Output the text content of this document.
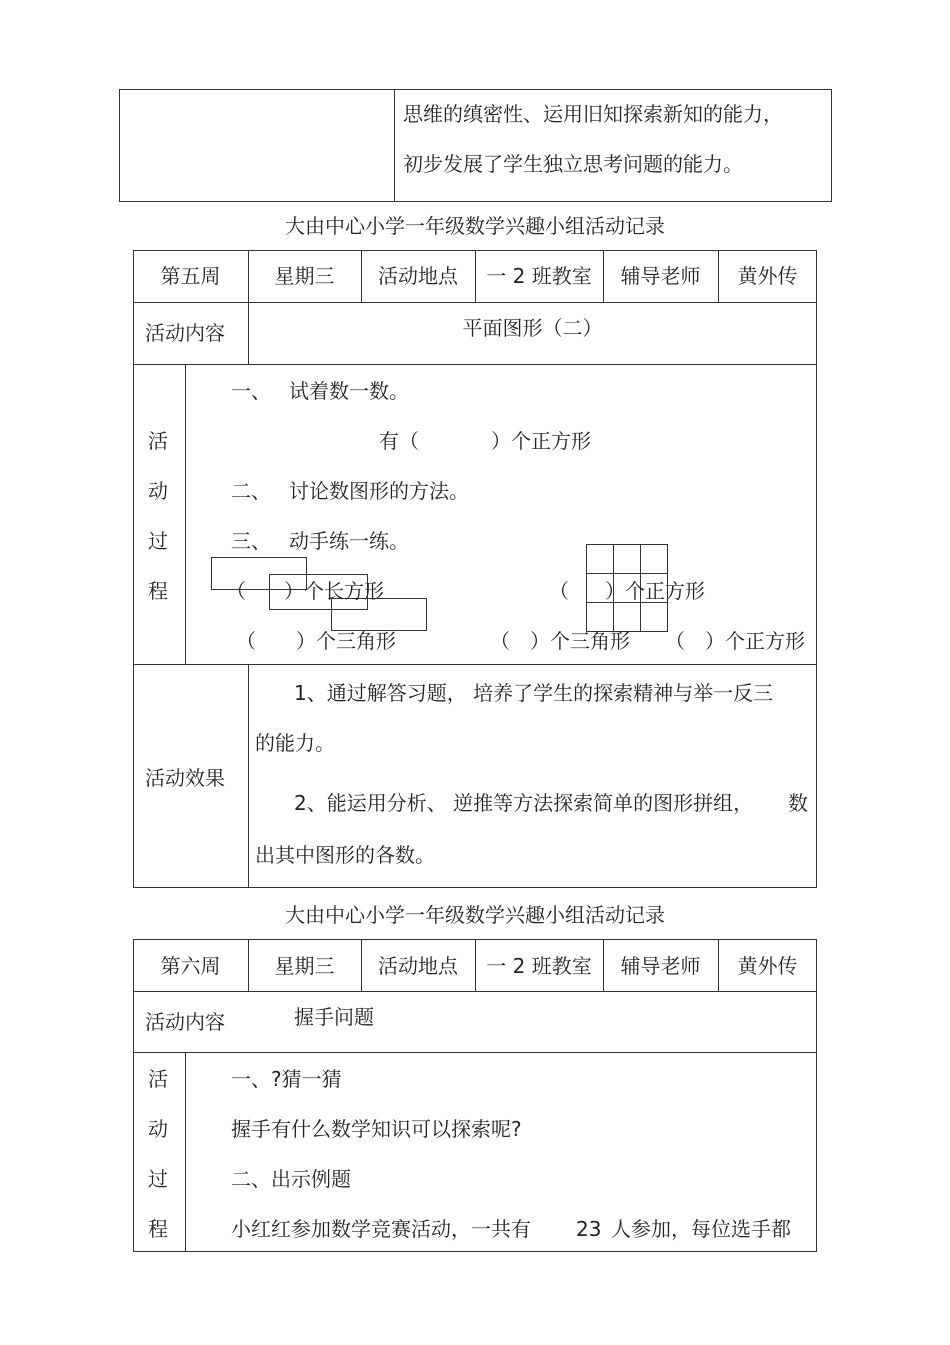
思维的缜密性、运用旧知探索新知的能力，
初步发展了学生独立思考问题的能力。
大由中心小学一年级数学兴趣小组活动记录
第五周	星期三	活动地点	一 2 班教室	辅导老师	黄外传
活动内容	平面图形（二）
活
动
过
程
一、 试着数一数。
有（	）个正方形
二、 讨论数图形的方法。
三、 动手练一练。
（ ）个长方形	（ ）个正方形
（　　）个三角形	（　）个三角形 （　）个正方形
活动效果
1、通过解答习题， 培养了学生的探索精神与举一反三
的能力。
2、能运用分析、 逆推等方法探索简单的图形拼组， 数
出其中图形的各数。
大由中心小学一年级数学兴趣小组活动记录
第六周	星期三	活动地点	一 2 班教室	辅导老师	黄外传
活动内容	握手问题
活
动
过
程
一、?猜一猜
握手有什么数学知识可以探索呢?
二、出示例题
小红红参加数学竞赛活动，一共有 23 人参加，每位选手都
